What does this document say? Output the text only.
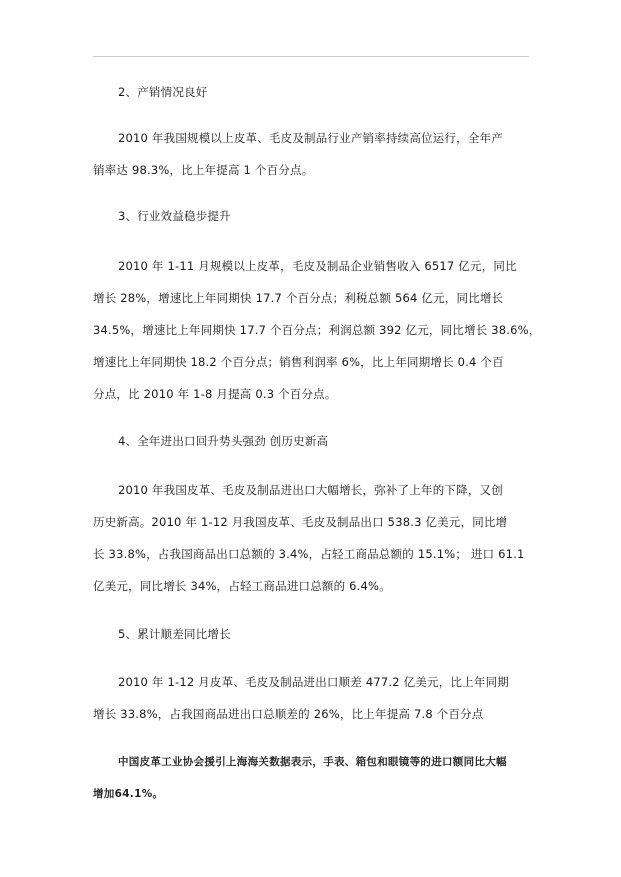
2、产销情况良好
2010 年我国规模以上皮革、毛皮及制品行业产销率持续高位运行，全年产
销率达 98.3%，比上年提高 1 个百分点。
3、行业效益稳步提升
2010 年 1-11 月规模以上皮革，毛皮及制品企业销售收入 6517 亿元，同比
增长 28%，增速比上年同期快 17.7 个百分点；利税总额 564 亿元，同比增长
34.5%，增速比上年同期快 17.7 个百分点；利润总额 392 亿元，同比增长 38.6%，
增速比上年同期快 18.2 个百分点；销售利润率 6%，比上年同期增长 0.4 个百
分点，比 2010 年 1-8 月提高 0.3 个百分点。
4、全年进出口回升势头强劲 创历史新高
2010 年我国皮革、毛皮及制品进出口大幅增长，弥补了上年的下降，又创
历史新高。2010 年 1-12 月我国皮革、毛皮及制品出口 538.3 亿美元，同比增
长 33.8%，占我国商品出口总额的 3.4%，占轻工商品总额的 15.1%； 进口 61.1
亿美元，同比增长 34%，占轻工商品进口总额的 6.4%。
5、累计顺差同比增长
2010 年 1-12 月皮革、毛皮及制品进出口顺差 477.2 亿美元，比上年同期
增长 33.8%，占我国商品进出口总顺差的 26%，比上年提高 7.8 个百分点
中国皮革工业协会援引上海海关数据表示，手表、箱包和眼镜等的进口额同比大幅
增加64.1%。
